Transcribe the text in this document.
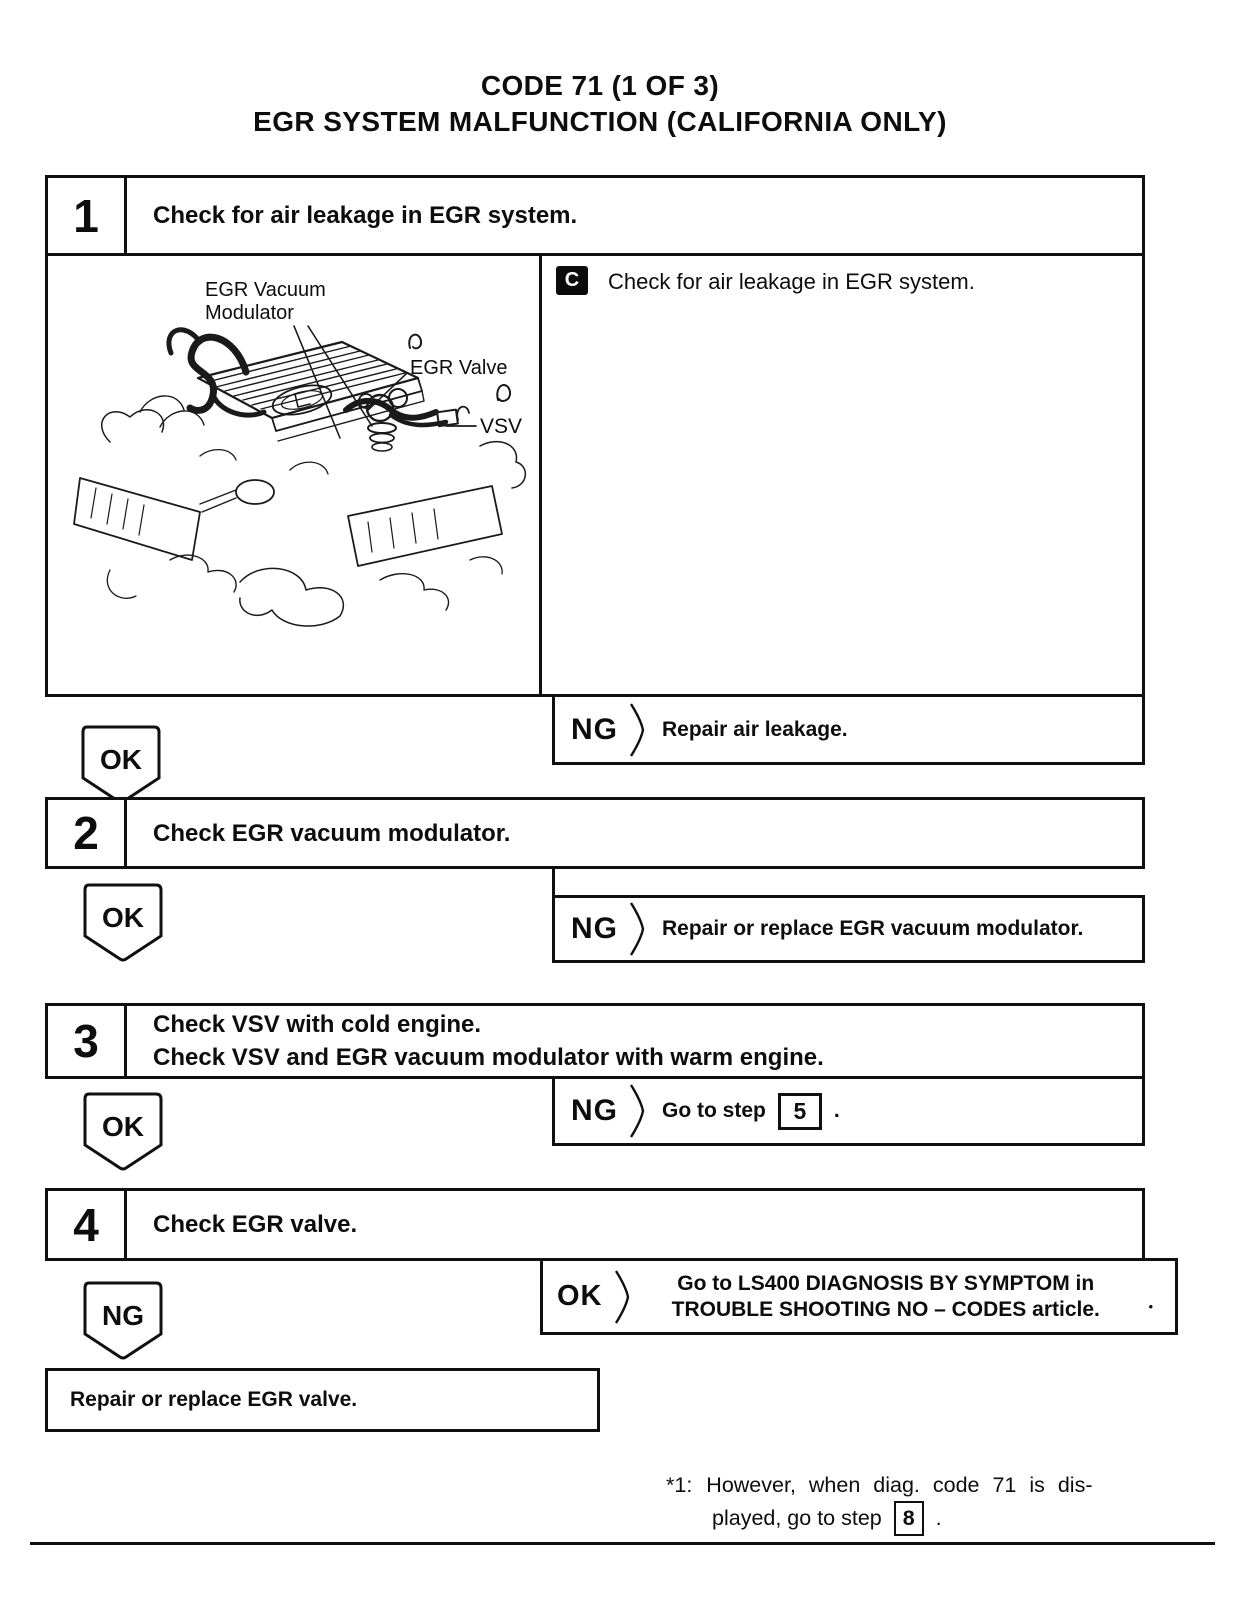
CODE 71 (1 OF 3)
EGR SYSTEM MALFUNCTION (CALIFORNIA ONLY)
1	Check for air leakage in EGR system.
EGR Vacuum
Modulator
EGR Valve
VSV
C	Check for air leakage in EGR system.
NG Repair air leakage.
OK
2	Check EGR vacuum modulator.
NG Repair or replace EGR vacuum modulator.
OK
3	Check VSV with cold engine.
Check VSV and EGR vacuum modulator with warm engine.
NG Go to step	5	.
OK
4	Check EGR valve.
OK	Go to LS400 DIAGNOSIS BY SYMPTOM in
TROUBLE SHOOTING NO – CODES article.	•
NG
Repair or replace EGR valve.
*1: However, when diag. code 71 is dis-
played, go to step 8 .
